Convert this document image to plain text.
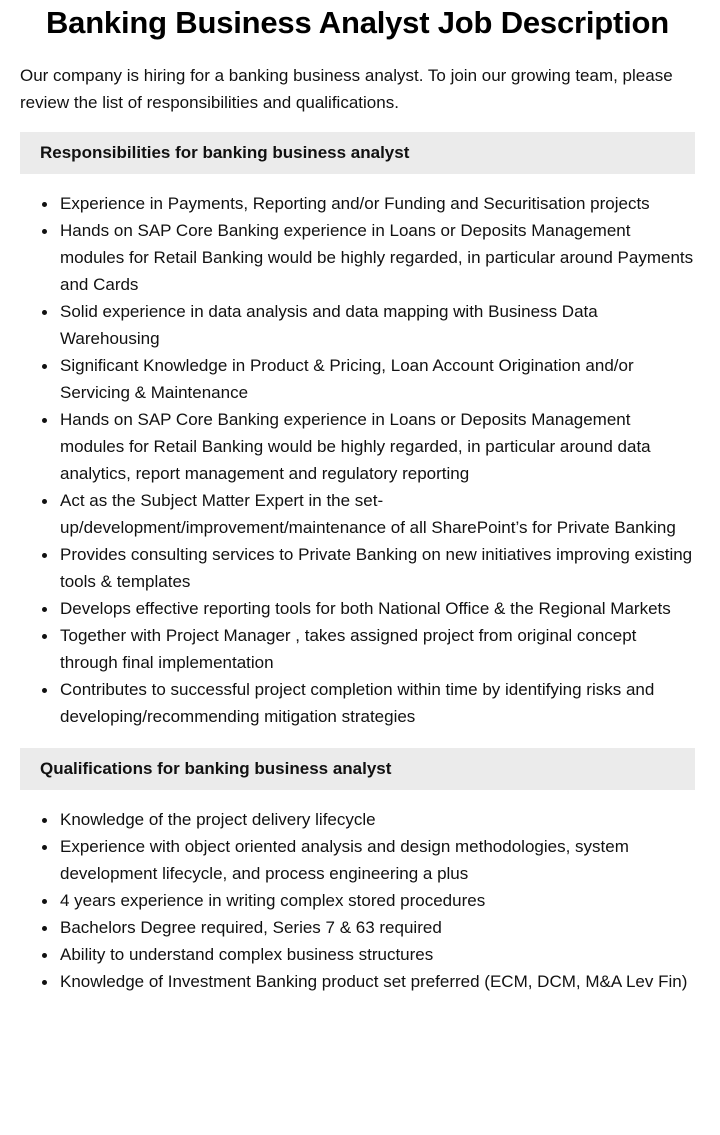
Banking Business Analyst Job Description

Our company is hiring for a banking business analyst. To join our growing team, please review the list of responsibilities and qualifications.

Responsibilities for banking business analyst
Experience in Payments, Reporting and/or Funding and Securitisation projects
Hands on SAP Core Banking experience in Loans or Deposits Management modules for Retail Banking would be highly regarded, in particular around Payments and Cards
Solid experience in data analysis and data mapping with Business Data Warehousing
Significant Knowledge in Product & Pricing, Loan Account Origination and/or Servicing & Maintenance
Hands on SAP Core Banking experience in Loans or Deposits Management modules for Retail Banking would be highly regarded, in particular around data analytics, report management and regulatory reporting
Act as the Subject Matter Expert in the set-up/development/improvement/maintenance of all SharePoint’s for Private Banking
Provides consulting services to Private Banking on new initiatives improving existing tools & templates
Develops effective reporting tools for both National Office & the Regional Markets
Together with Project Manager , takes assigned project from original concept through final implementation
Contributes to successful project completion within time by identifying risks and developing/recommending mitigation strategies
Qualifications for banking business analyst
Knowledge of the project delivery lifecycle
Experience with object oriented analysis and design methodologies, system development lifecycle, and process engineering a plus
4 years experience in writing complex stored procedures
Bachelors Degree required, Series 7 & 63 required
Ability to understand complex business structures
Knowledge of Investment Banking product set preferred (ECM, DCM, M&A Lev Fin)
